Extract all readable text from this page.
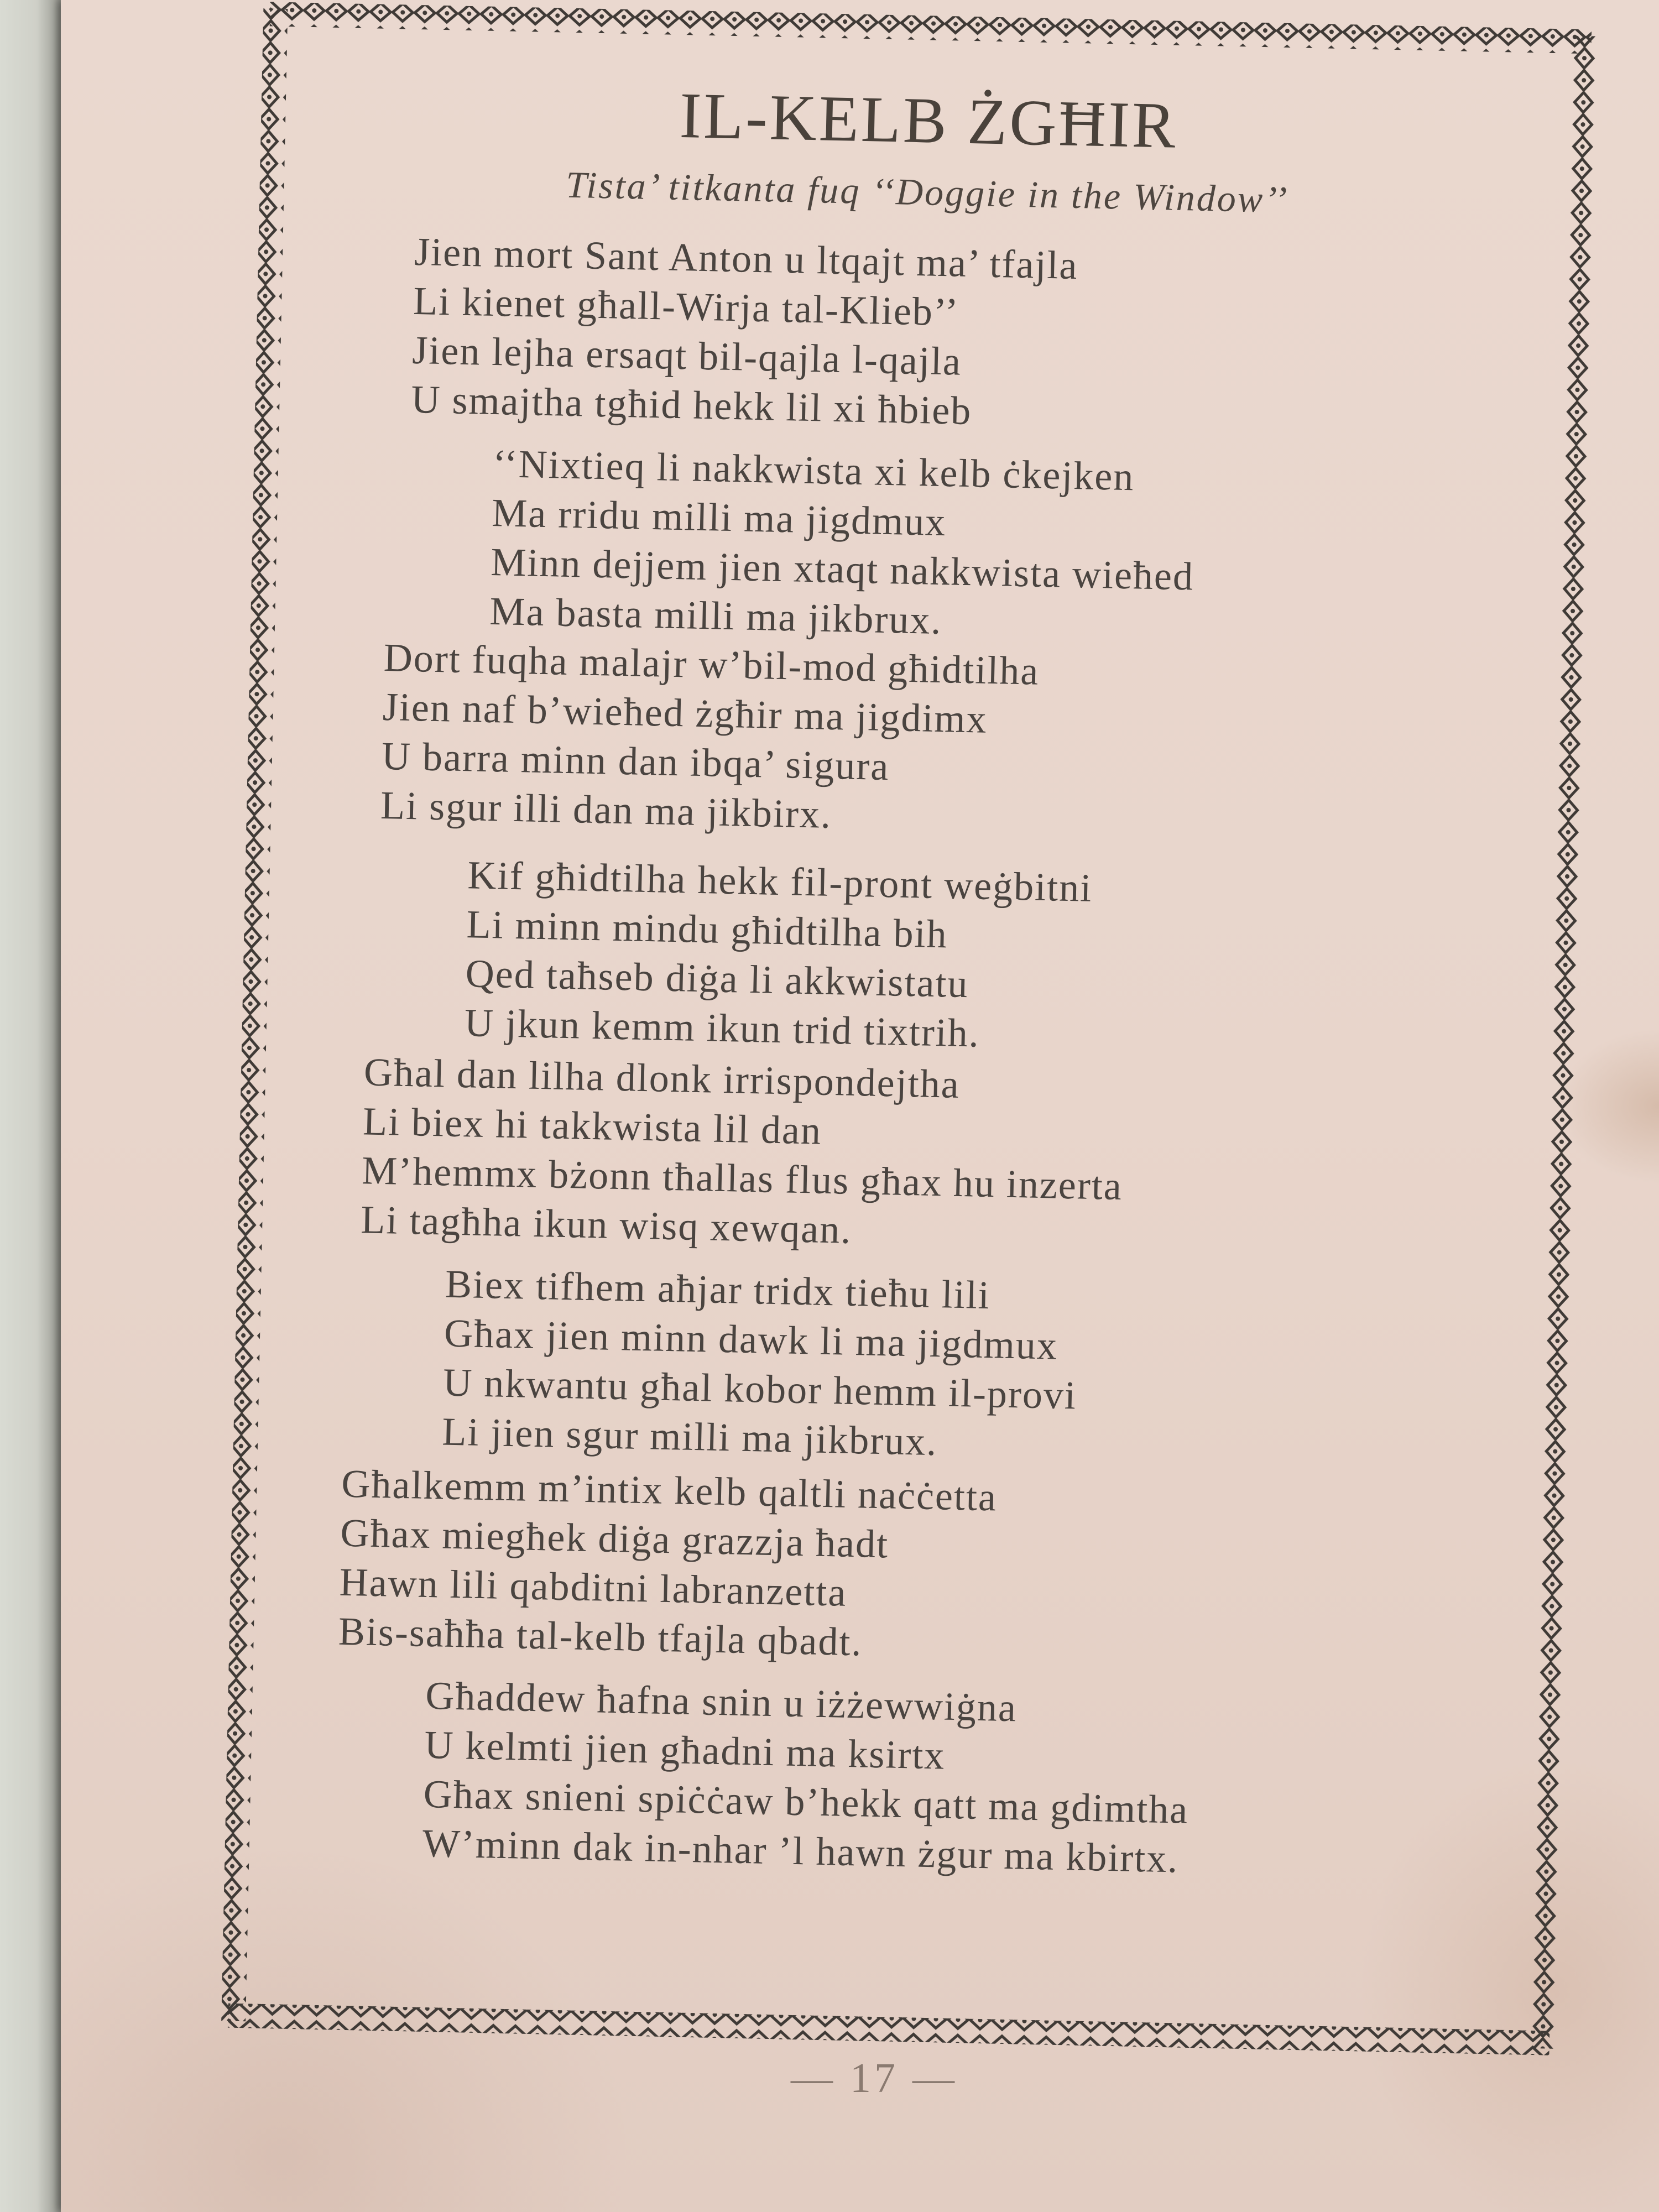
IL-KELB ŻGĦIR
Tista’ titkanta fuq ‘‘Doggie in the Window’’
Jien mort Sant Anton u ltqajt ma’ tfajla
Li kienet għall-Wirja tal-Klieb’’
Jien lejha ersaqt bil-qajla l-qajla
U smajtha tgħid hekk lil xi ħbieb
‘‘Nixtieq li nakkwista xi kelb ċkejken
Ma rridu milli ma jigdmux
Minn dejjem jien xtaqt nakkwista wieħed
Ma basta milli ma jikbrux.
Dort fuqha malajr w’bil-mod għidtilha
Jien naf b’wieħed żgħir ma jigdimx
U barra minn dan ibqa’ sigura
Li sgur illi dan ma jikbirx.
Kif għidtilha hekk fil-pront weġbitni
Li minn mindu għidtilha bih
Qed taħseb diġa li akkwistatu
U jkun kemm ikun trid tixtrih.
Għal dan lilha dlonk irrispondejtha
Li biex hi takkwista lil dan
M’hemmx bżonn tħallas flus għax hu inzerta
Li tagħha ikun wisq xewqan.
Biex tifhem aħjar tridx tieħu lili
Għax jien minn dawk li ma jigdmux
U nkwantu għal kobor hemm il-provi
Li jien sgur milli ma jikbrux.
Għalkemm m’intix kelb qaltli naċċetta
Għax miegħek diġa grazzja ħadt
Hawn lili qabditni labranzetta
Bis-saħħa tal-kelb tfajla qbadt.
Għaddew ħafna snin u iżżewwiġna
U kelmti jien għadni ma ksirtx
Għax snieni spiċċaw b’hekk qatt ma gdimtha
W’minn dak in-nhar ’l hawn żgur ma kbirtx.
— 17 —
